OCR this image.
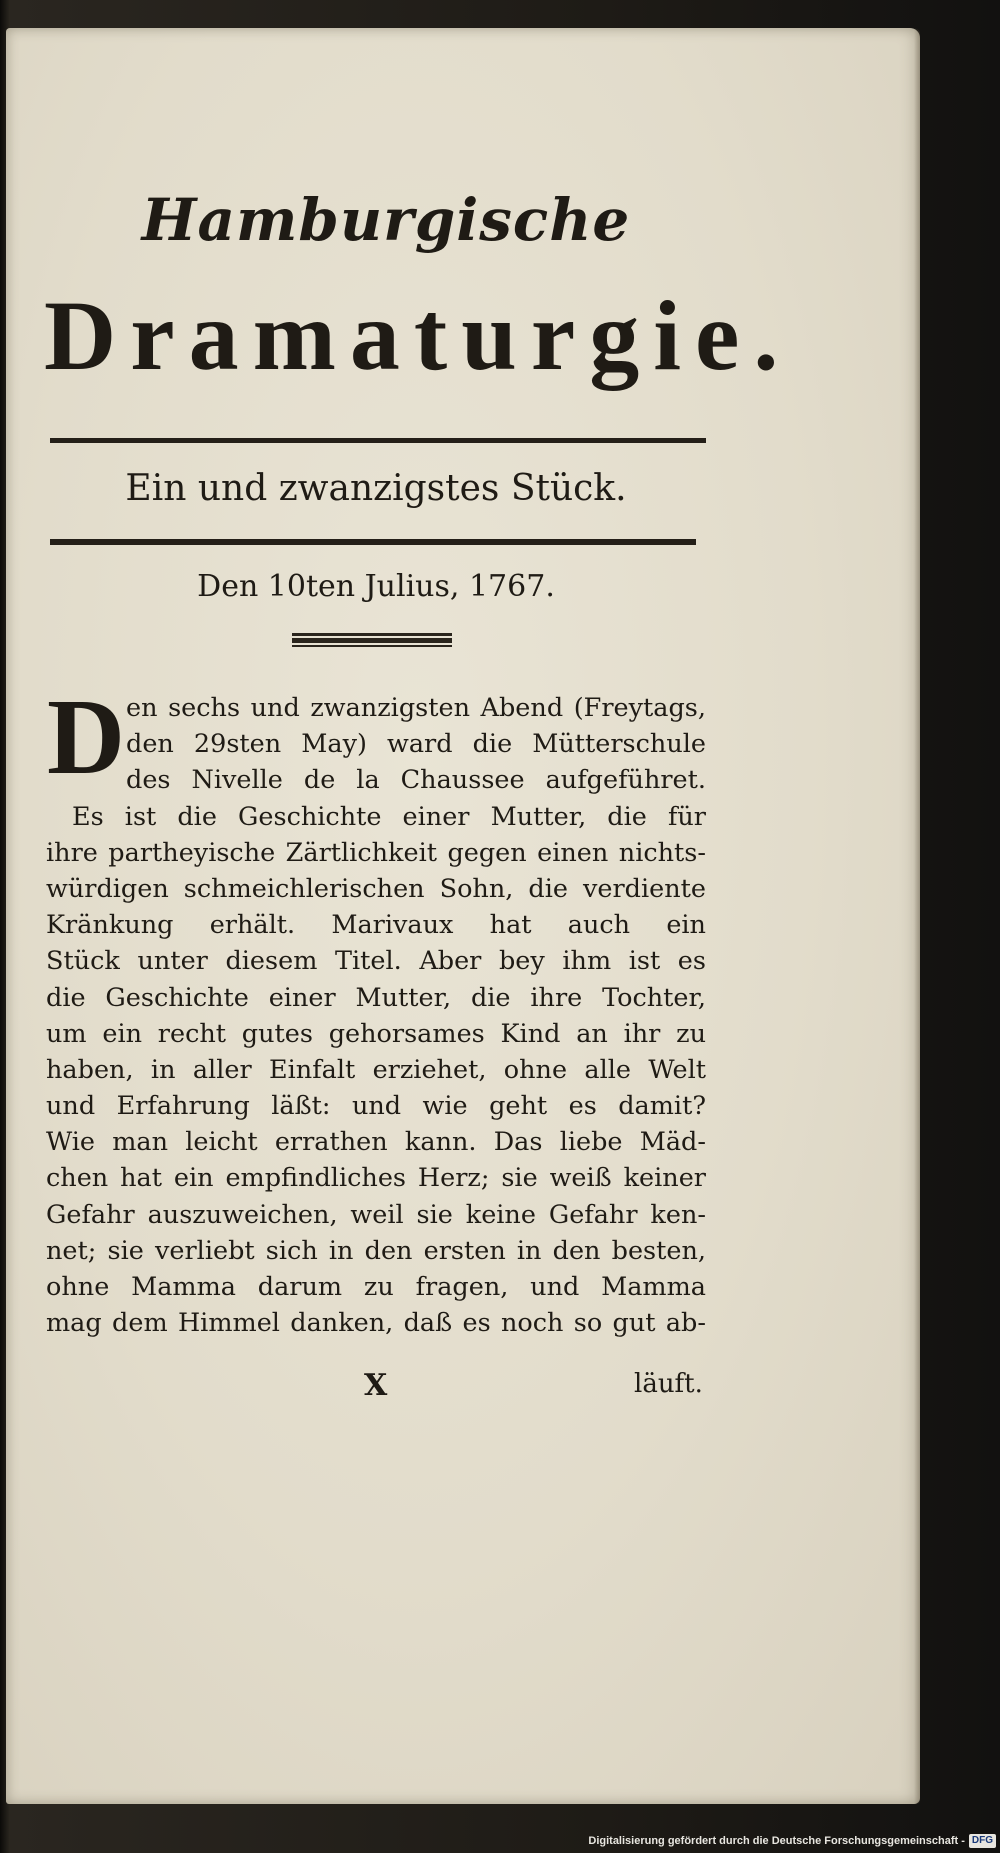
Hamburgische
Dramaturgie.
Ein und zwanzigstes Stück.
Den 10ten Julius, 1767.
D en sechs und zwanzigsten Abend (Freytags,
den 29sten May) ward die Mütterschule
des Nivelle de la Chaussee aufgeführet.
Es ist die Geschichte einer Mutter, die für
ihre partheyische Zärtlichkeit gegen einen nichts-
würdigen schmeichlerischen Sohn, die verdiente
Kränkung erhält. Marivaux hat auch ein
Stück unter diesem Titel. Aber bey ihm ist es
die Geschichte einer Mutter, die ihre Tochter,
um ein recht gutes gehorsames Kind an ihr zu
haben, in aller Einfalt erziehet, ohne alle Welt
und Erfahrung läßt: und wie geht es damit?
Wie man leicht errathen kann. Das liebe Mäd-
chen hat ein empfindliches Herz; sie weiß keiner
Gefahr auszuweichen, weil sie keine Gefahr ken-
net; sie verliebt sich in den ersten in den besten,
ohne Mamma darum zu fragen, und Mamma
mag dem Himmel danken, daß es noch so gut ab-
X	läuft.
Digitalisierung gefördert durch die Deutsche Forschungsgemeinschaft - DFG
